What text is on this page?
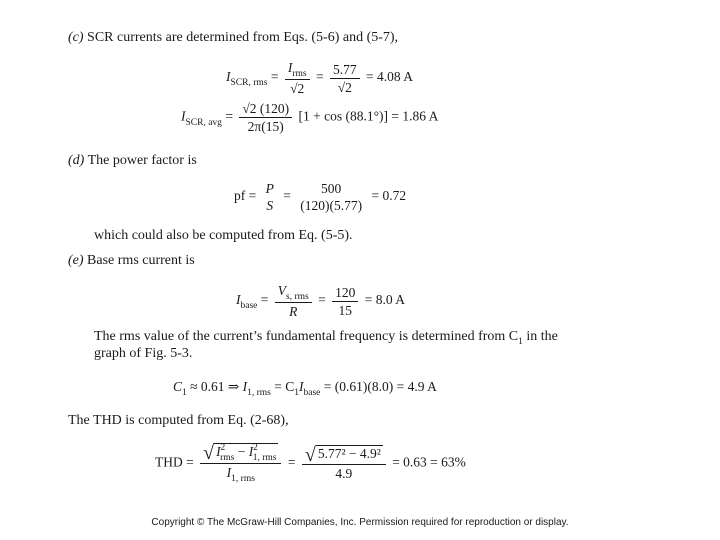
(c) SCR currents are determined from Eqs. (5-6) and (5-7),
$I_{SCR, rms} = \frac{I_{rms}}{√2} = \frac{5.77}{√2} = 4.08$ A
$I_{SCR, avg} = \frac{√2 (120)}{2\pi(15)} [1 + \cos (88.1^\circ)] = 1.86$ A
(d) The power factor is
pf = P
S
= 500
(120)(5.77)
= 0.72
which could also be computed from Eq. (5-5).
(e) Base rms current is
$I_{base} = \frac{V_{s, rms}}{R} = \frac{120}{15} = 8.0$ A
The rms value of the current’s fundamental frequency is determined from $C_1$ in the
graph of Fig. 5-3.
$C_1 \approx 0.61$ ⇒ $I_{1, rms} = C_1I_{base} = (0.61)(8.0) = 4.9$ A
The THD is computed from Eq. (2-68),
THD = $\frac{√ I^2_{rms} - I^2_{1, rms}}{I_{1, rms}} = \frac{\text{√ 5.77² − 4.9²}}{4.9} = 0.63 = 63\%$
Copyright © The McGraw-Hill Companies, Inc. Permission required for reproduction or display.
